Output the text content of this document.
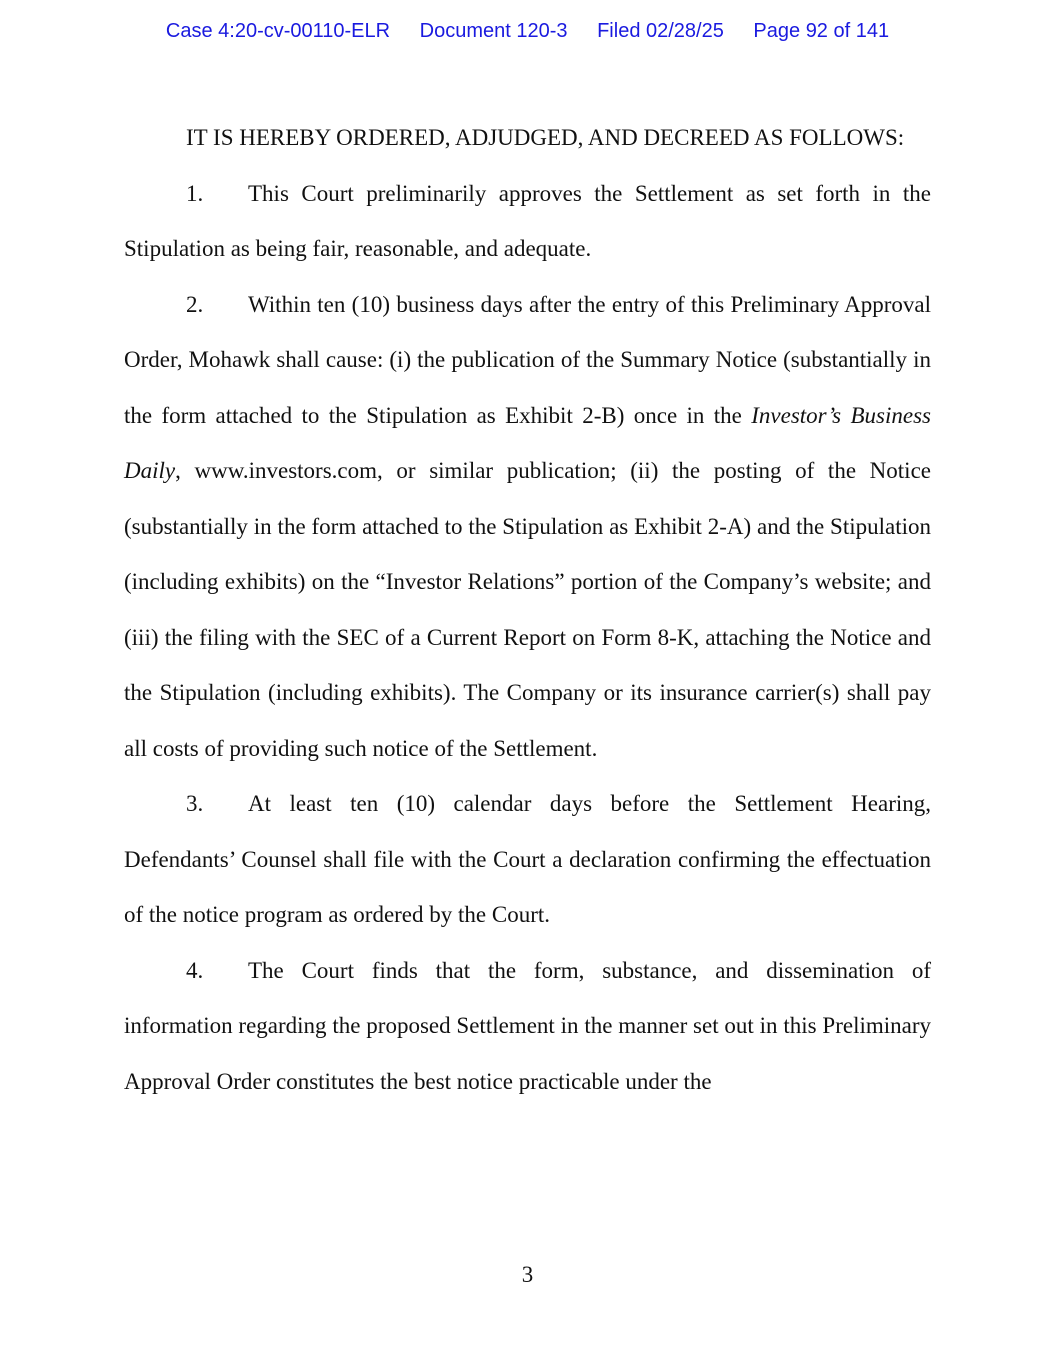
Case 4:20-cv-00110-ELR Document 120-3 Filed 02/28/25 Page 92 of 141

IT IS HEREBY ORDERED, ADJUDGED, AND DECREED AS FOLLOWS:

1. This Court preliminarily approves the Settlement as set forth in the Stipulation as being fair, reasonable, and adequate.

2. Within ten (10) business days after the entry of this Preliminary Approval Order, Mohawk shall cause: (i) the publication of the Summary Notice (substantially in the form attached to the Stipulation as Exhibit 2-B) once in the Investor’s Business Daily, www.investors.com, or similar publication; (ii) the posting of the Notice (substantially in the form attached to the Stipulation as Exhibit 2-A) and the Stipulation (including exhibits) on the “Investor Relations” portion of the Company’s website; and (iii) the filing with the SEC of a Current Report on Form 8-K, attaching the Notice and the Stipulation (including exhibits). The Company or its insurance carrier(s) shall pay all costs of providing such notice of the Settlement.

3. At least ten (10) calendar days before the Settlement Hearing, Defendants’ Counsel shall file with the Court a declaration confirming the effectuation of the notice program as ordered by the Court.

4. The Court finds that the form, substance, and dissemination of information regarding the proposed Settlement in the manner set out in this Preliminary Approval Order constitutes the best notice practicable under the

3
